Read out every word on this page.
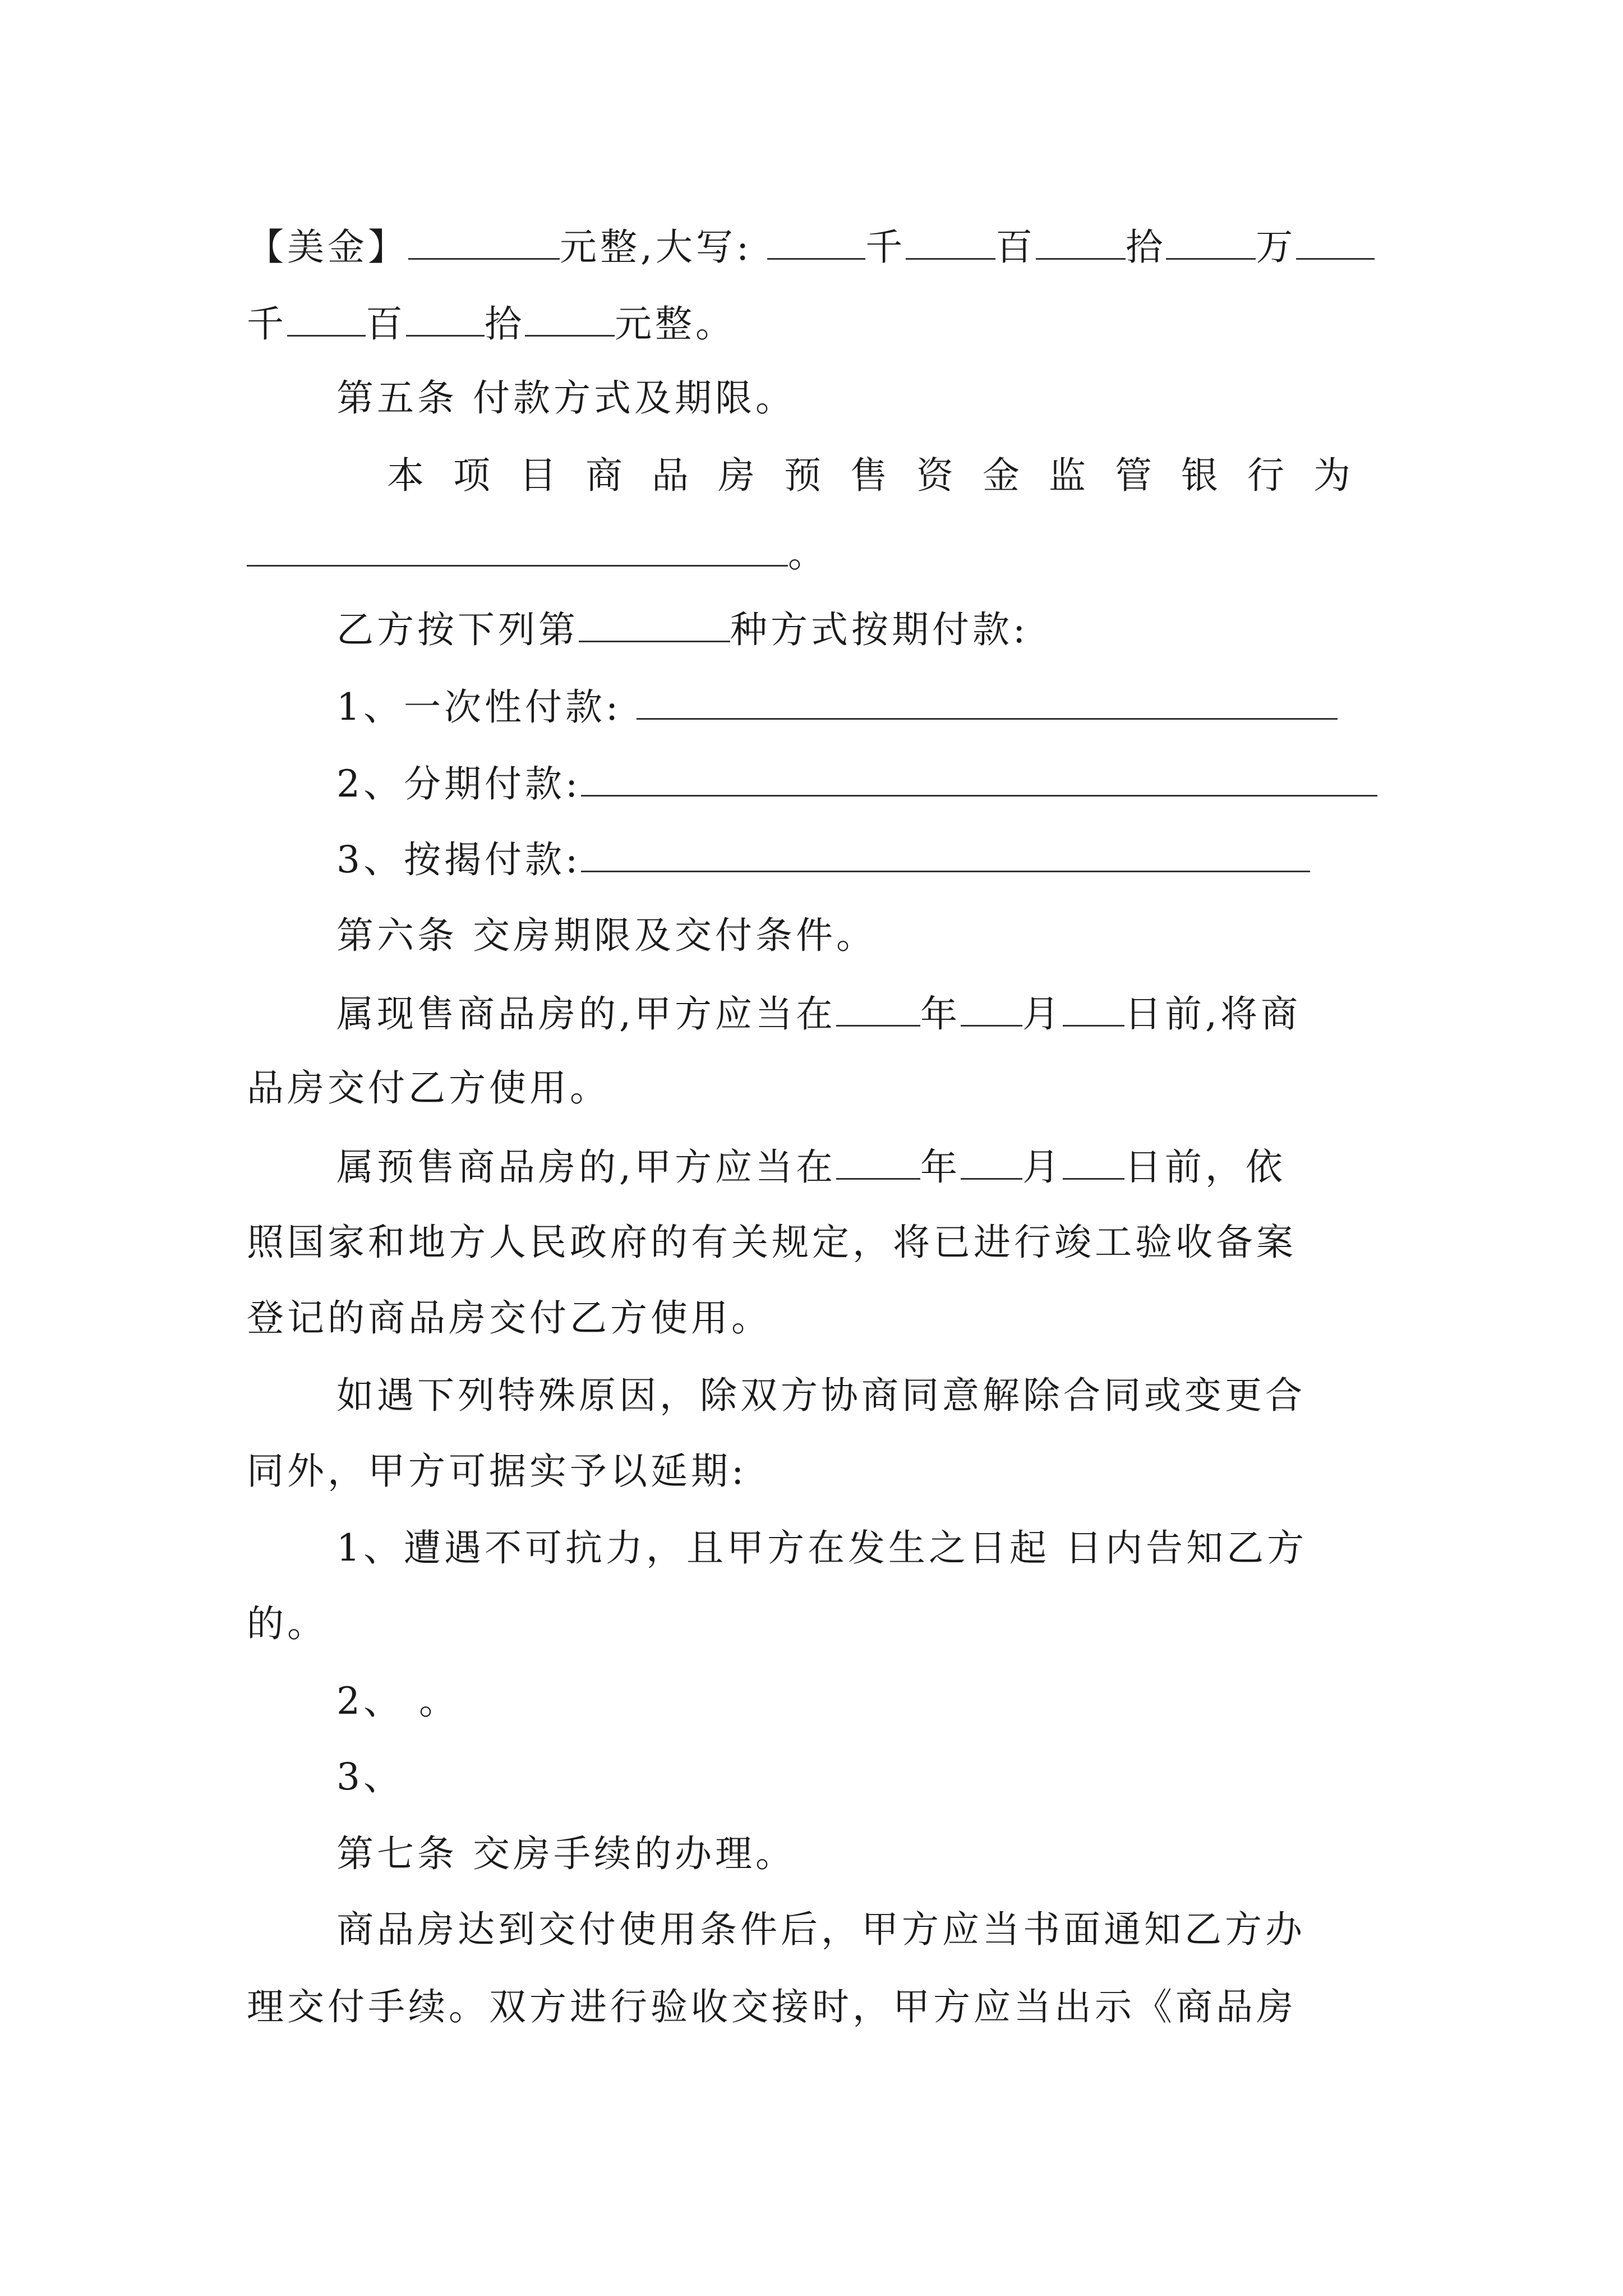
【美金】	元整,大写:	千 百 拾 万
千 百 拾 元整。
第五条 付款方式及期限。
本项目商品房预售资金监管银行为
。
乙方按下列第	种方式按期付款:
1、一次性付款:
2、分期付款:
3、按揭付款:
第六条 交房期限及交付条件。
属现售商品房的,甲方应当在 年 月 日前,将商
品房交付乙方使用。
属预售商品房的,甲方应当在 年 月 日前，依
照国家和地方人民政府的有关规定，将已进行竣工验收备案
登记的商品房交付乙方使用。
如遇下列特殊原因，除双方协商同意解除合同或变更合
同外，甲方可据实予以延期:
1、遭遇不可抗力，且甲方在发生之日起 日内告知乙方
的。
2、 。
3、
第七条 交房手续的办理。
商品房达到交付使用条件后，甲方应当书面通知乙方办
理交付手续。双方进行验收交接时，甲方应当出示《商品房
